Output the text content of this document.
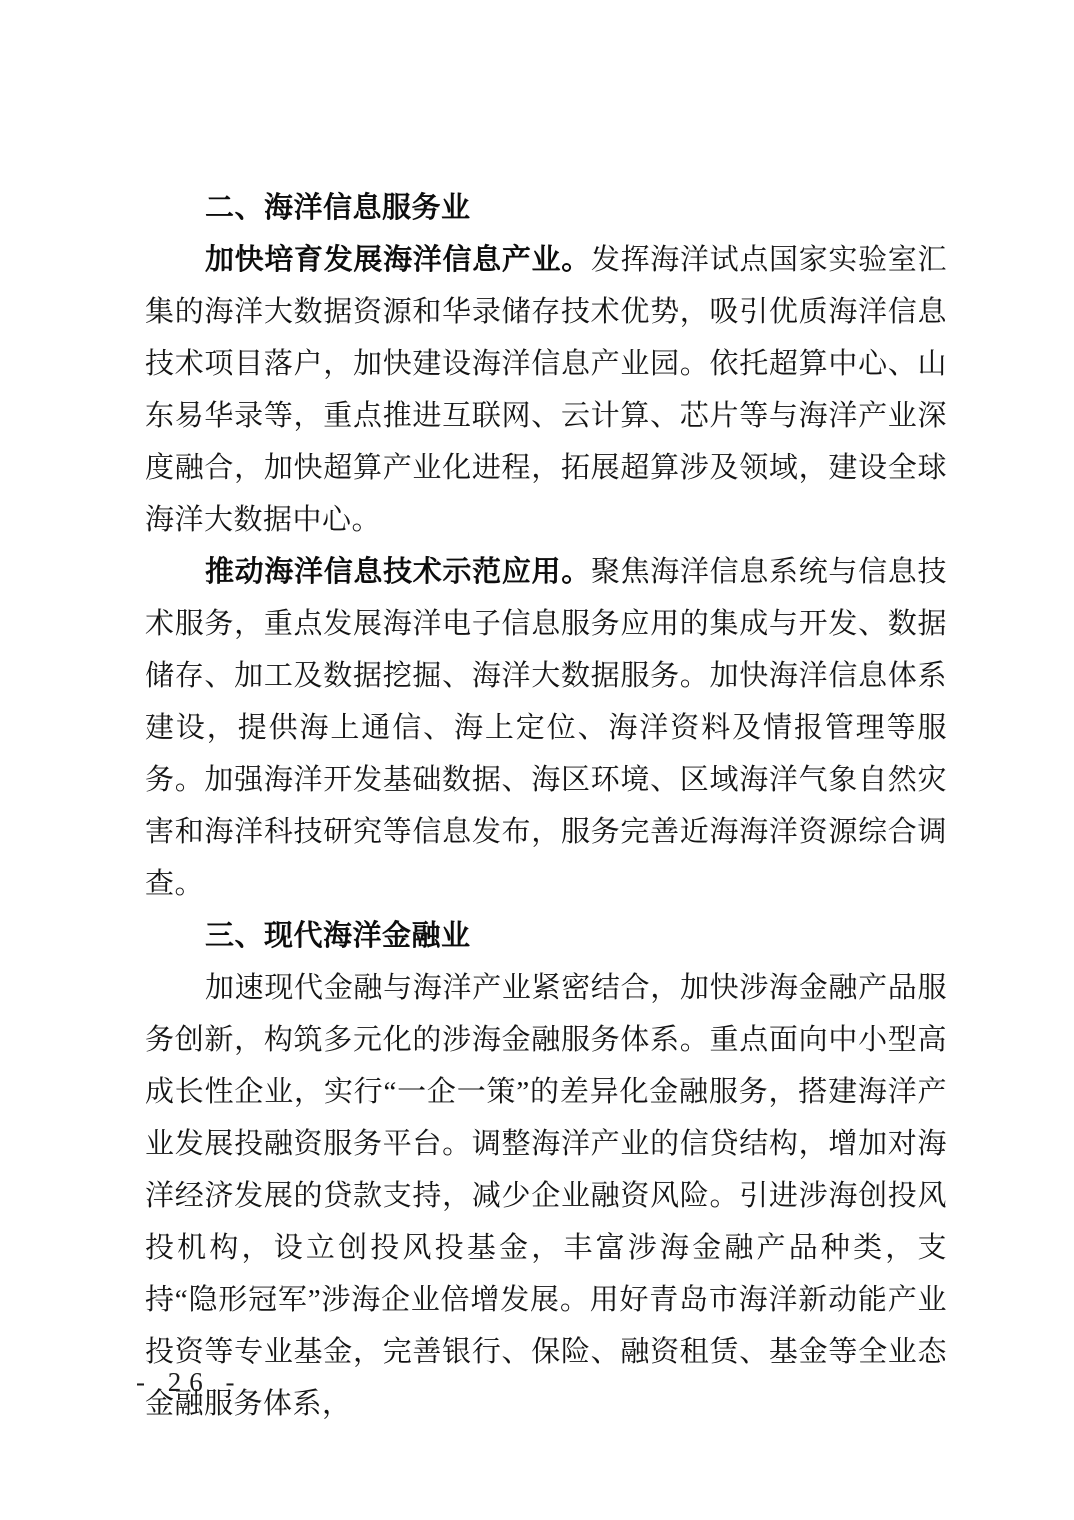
二、海洋信息服务业

加快培育发展海洋信息产业。发挥海洋试点国家实验室汇集的海洋大数据资源和华录储存技术优势，吸引优质海洋信息技术项目落户，加快建设海洋信息产业园。依托超算中心、山东易华录等，重点推进互联网、云计算、芯片等与海洋产业深度融合，加快超算产业化进程，拓展超算涉及领域，建设全球海洋大数据中心。

推动海洋信息技术示范应用。聚焦海洋信息系统与信息技术服务，重点发展海洋电子信息服务应用的集成与开发、数据储存、加工及数据挖掘、海洋大数据服务。加快海洋信息体系建设，提供海上通信、海上定位、海洋资料及情报管理等服务。加强海洋开发基础数据、海区环境、区域海洋气象自然灾害和海洋科技研究等信息发布，服务完善近海海洋资源综合调查。

三、现代海洋金融业

加速现代金融与海洋产业紧密结合，加快涉海金融产品服务创新，构筑多元化的涉海金融服务体系。重点面向中小型高成长性企业，实行“一企一策”的差异化金融服务，搭建海洋产业发展投融资服务平台。调整海洋产业的信贷结构，增加对海洋经济发展的贷款支持，减少企业融资风险。引进涉海创投风投机构，设立创投风投基金，丰富涉海金融产品种类，支持“隐形冠军”涉海企业倍增发展。用好青岛市海洋新动能产业投资等专业基金，完善银行、保险、融资租赁、基金等全业态金融服务体系，

- 26 -
